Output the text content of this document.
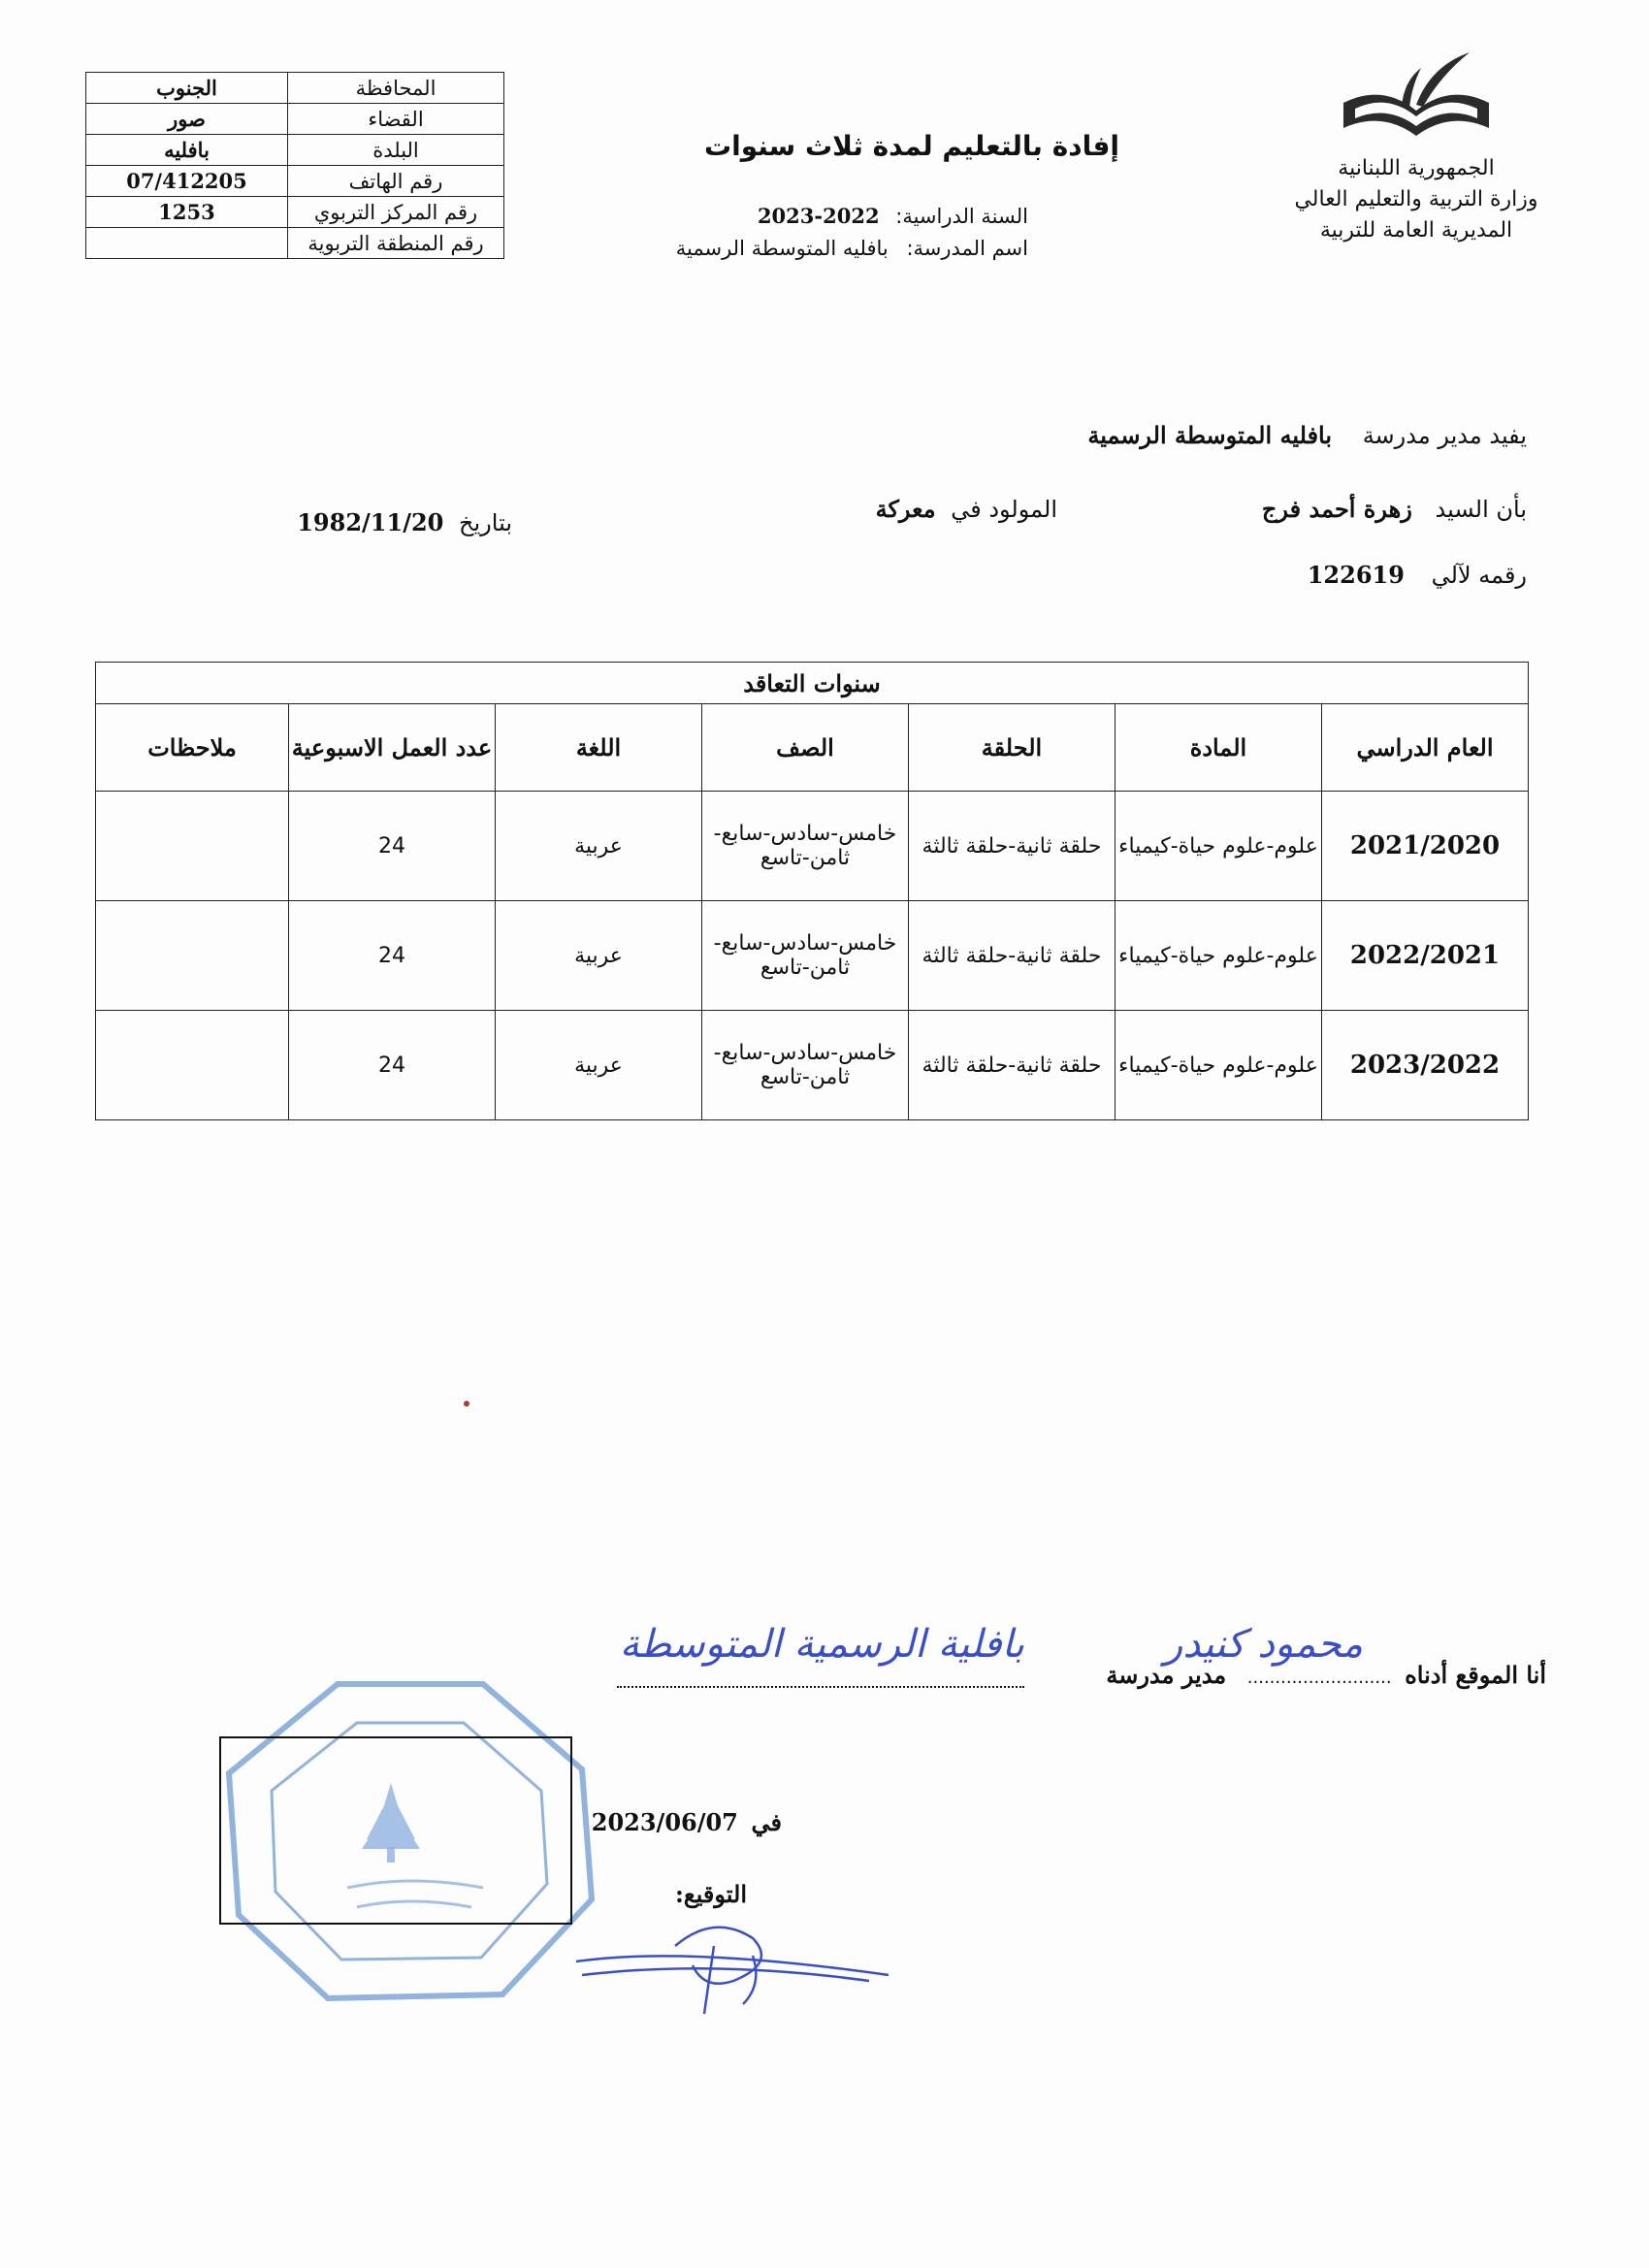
الجنوب	المحافظة
صور	القضاء
بافليه	البلدة
07/412205	رقم الهاتف
1253	رقم المركز التربوي
	رقم المنطقة التربوية
الجمهورية اللبنانية
وزارة التربية والتعليم العالي
المديرية العامة للتربية
إفادة بالتعليم لمدة ثلاث سنوات
السنة الدراسية: 2022-2023
اسم المدرسة: بافليه المتوسطة الرسمية
يفيد مدير مدرسة بافليه المتوسطة الرسمية
بأن السيد زهرة أحمد فرج
المولود في معركة
بتاريخ 1982/11/20
رقمه لآلي 122619
سنوات التعاقد						
العام الدراسي	المادة	الحلقة	الصف	اللغة	عدد العمل الاسبوعية	ملاحظات
2021/2020	علوم-علوم حياة-كيمياء	حلقة ثانية-حلقة ثالثة	خامس-سادس-سابع-ثامن-تاسع	عربية	24	
2022/2021	علوم-علوم حياة-كيمياء	حلقة ثانية-حلقة ثالثة	خامس-سادس-سابع-ثامن-تاسع	عربية	24	
2023/2022	علوم-علوم حياة-كيمياء	حلقة ثانية-حلقة ثالثة	خامس-سادس-سابع-ثامن-تاسع	عربية	24	
أنا الموقع أدناه .......................... مدير مدرسة
محمود كنيدر
بافلية الرسمية المتوسطة
في 2023/06/07
التوقيع:
